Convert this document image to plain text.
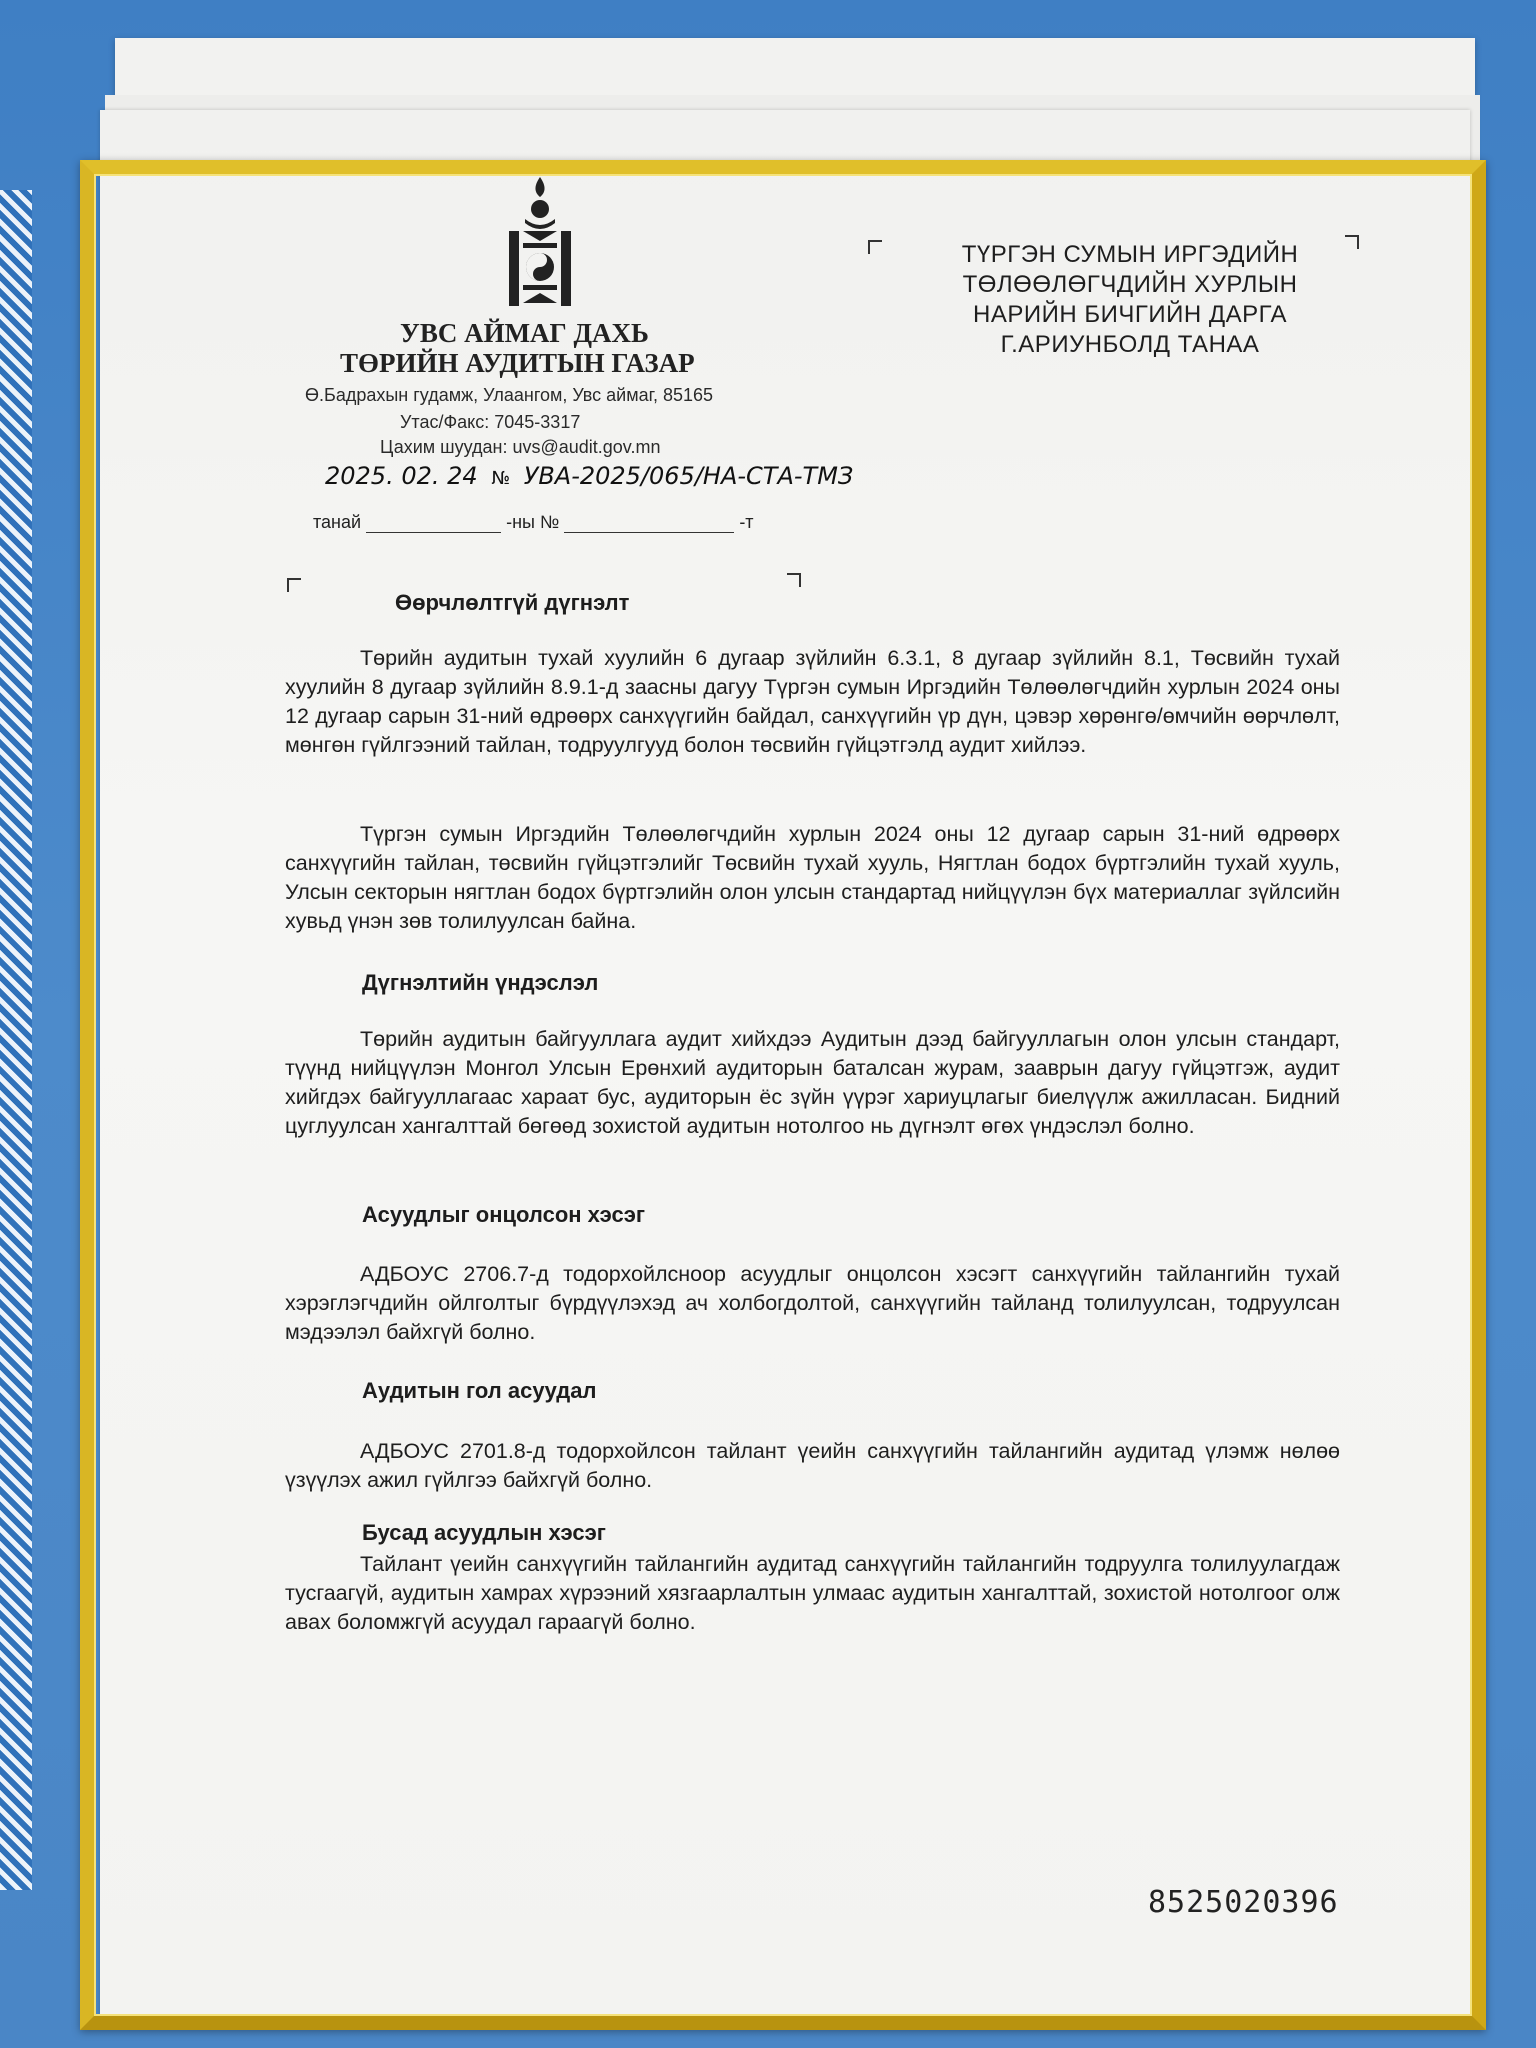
УВС АЙМАГ ДАХЬ
ТӨРИЙН АУДИТЫН ГАЗАР
Ө.Бадрахын гудамж, Улаангом, Увс аймаг, 85165
Утас/Факс: 7045-3317
Цахим шуудан: uvs@audit.gov.mn
2025. 02. 24 № УВА-2025/065/НА-СТА-ТМЗ
танай	-ны №	-т
ТҮРГЭН СУМЫН ИРГЭДИЙН
ТӨЛӨӨЛӨГЧДИЙН ХУРЛЫН
НАРИЙН БИЧГИЙН ДАРГА
Г.АРИУНБОЛД ТАНАА
Өөрчлөлтгүй дүгнэлт
Төрийн аудитын тухай хуулийн 6 дугаар зүйлийн 6.3.1, 8 дугаар зүйлийн 8.1, Төсвийн тухай хуулийн 8 дугаар зүйлийн 8.9.1-д заасны дагуу Түргэн сумын Иргэдийн Төлөөлөгчдийн хурлын 2024 оны 12 дугаар сарын 31-ний өдрөөрх санхүүгийн байдал, санхүүгийн үр дүн, цэвэр хөрөнгө/өмчийн өөрчлөлт, мөнгөн гүйлгээний тайлан, тодруулгууд болон төсвийн гүйцэтгэлд аудит хийлээ.
Түргэн сумын Иргэдийн Төлөөлөгчдийн хурлын 2024 оны 12 дугаар сарын 31-ний өдрөөрх санхүүгийн тайлан, төсвийн гүйцэтгэлийг Төсвийн тухай хууль, Нягтлан бодох бүртгэлийн тухай хууль, Улсын секторын нягтлан бодох бүртгэлийн олон улсын стандартад нийцүүлэн бүх материаллаг зүйлсийн хувьд үнэн зөв толилуулсан байна.
Дүгнэлтийн үндэслэл
Төрийн аудитын байгууллага аудит хийхдээ Аудитын дээд байгууллагын олон улсын стандарт, түүнд нийцүүлэн Монгол Улсын Ерөнхий аудиторын баталсан журам, зааврын дагуу гүйцэтгэж, аудит хийгдэх байгууллагаас хараат бус, аудиторын ёс зүйн үүрэг хариуцлагыг биелүүлж ажилласан. Бидний цуглуулсан хангалттай бөгөөд зохистой аудитын нотолгоо нь дүгнэлт өгөх үндэслэл болно.
Асуудлыг онцолсон хэсэг
АДБОУС 2706.7-д тодорхойлсноор асуудлыг онцолсон хэсэгт санхүүгийн тайлангийн тухай хэрэглэгчдийн ойлголтыг бүрдүүлэхэд ач холбогдолтой, санхүүгийн тайланд толилуулсан, тодруулсан мэдээлэл байхгүй болно.
Аудитын гол асуудал
АДБОУС 2701.8-д тодорхойлсон тайлант үеийн санхүүгийн тайлангийн аудитад үлэмж нөлөө үзүүлэх ажил гүйлгээ байхгүй болно.
Бусад асуудлын хэсэг
Тайлант үеийн санхүүгийн тайлангийн аудитад санхүүгийн тайлангийн тодруулга толилуулагдаж тусгаагүй, аудитын хамрах хүрээний хязгаарлалтын улмаас аудитын хангалттай, зохистой нотолгоог олж авах боломжгүй асуудал гараагүй болно.
8525020396
